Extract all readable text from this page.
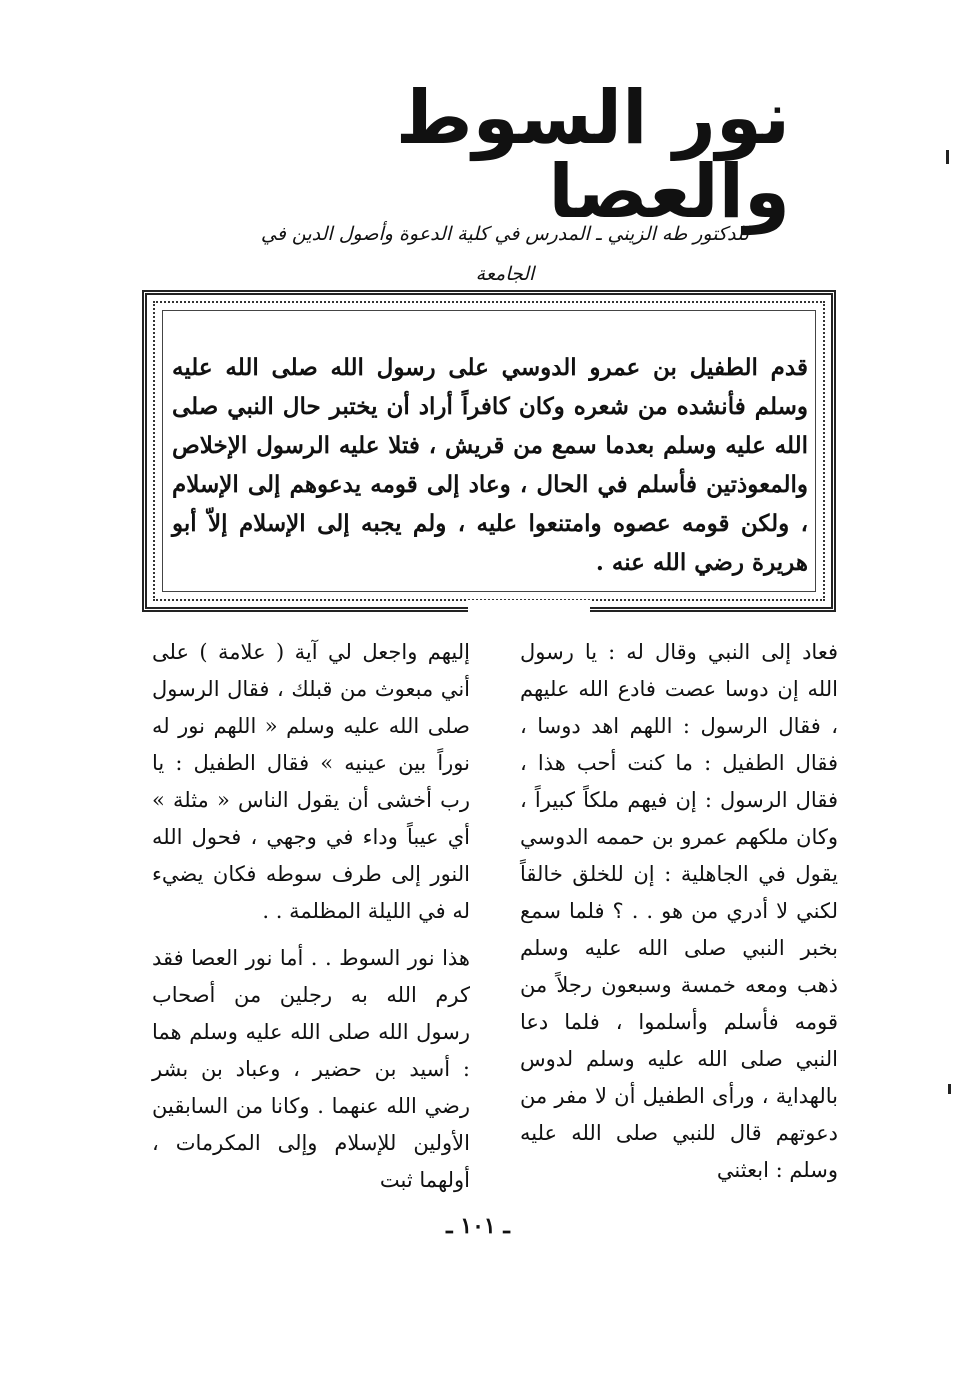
نور السوط والعصا
للدكتور طه الزيني ـ المدرس في كلية الدعوة وأصول الدين في الجامعة
قدم الطفيل بن عمرو الدوسي على رسول الله صلى الله عليه وسلم فأنشده من شعره وكان كافراً أراد أن يختبر حال النبي صلى الله عليه وسلم بعدما سمع من قريش ، فتلا عليه الرسول الإخلاص والمعوذتين فأسلم في الحال ، وعاد إلى قومه يدعوهم إلى الإسلام ، ولكن قومه عصوه وامتنعوا عليه ، ولم يجبه إلى الإسلام إلاّ أبو هريرة رضي الله عنه .

فعاد إلى النبي وقال له : يا رسول الله إن دوسا عصت فادع الله عليهم ، فقال الرسول : اللهم اهد دوسا ، فقال الطفيل : ما كنت أحب هذا ، فقال الرسول : إن فيهم ملكاً كبيراً ، وكان ملكهم عمرو بن حممه الدوسي يقول في الجاهلية : إن للخلق خالقاً لكني لا أدري من هو . . ؟ فلما سمع بخبر النبي صلى الله عليه وسلم ذهب ومعه خمسة وسبعون رجلاً من قومه فأسلم وأسلموا ، فلما دعا النبي صلى الله عليه وسلم لدوس بالهداية ، ورأى الطفيل أن لا مفر من دعوتهم قال للنبي صلى الله عليه وسلم : ابعثني

إليهم واجعل لي آية ( علامة ) على أني مبعوث من قبلك ، فقال الرسول صلى الله عليه وسلم « اللهم نور له نوراً بين عينيه » فقال الطفيل : يا رب أخشى أن يقول الناس « مثلة » أي عيباً وداء في وجهي ، فحول الله النور إلى طرف سوطه فكان يضيء له في الليلة المظلمة . .

هذا نور السوط . . أما نور العصا فقد كرم الله به رجلين من أصحاب رسول الله صلى الله عليه وسلم هما : أسيد بن حضير ، وعباد بن بشر رضي الله عنهما . وكانا من السابقين الأولين للإسلام وإلى المكرمات ، أولهما ثبت

ـ ١٠١ ـ
